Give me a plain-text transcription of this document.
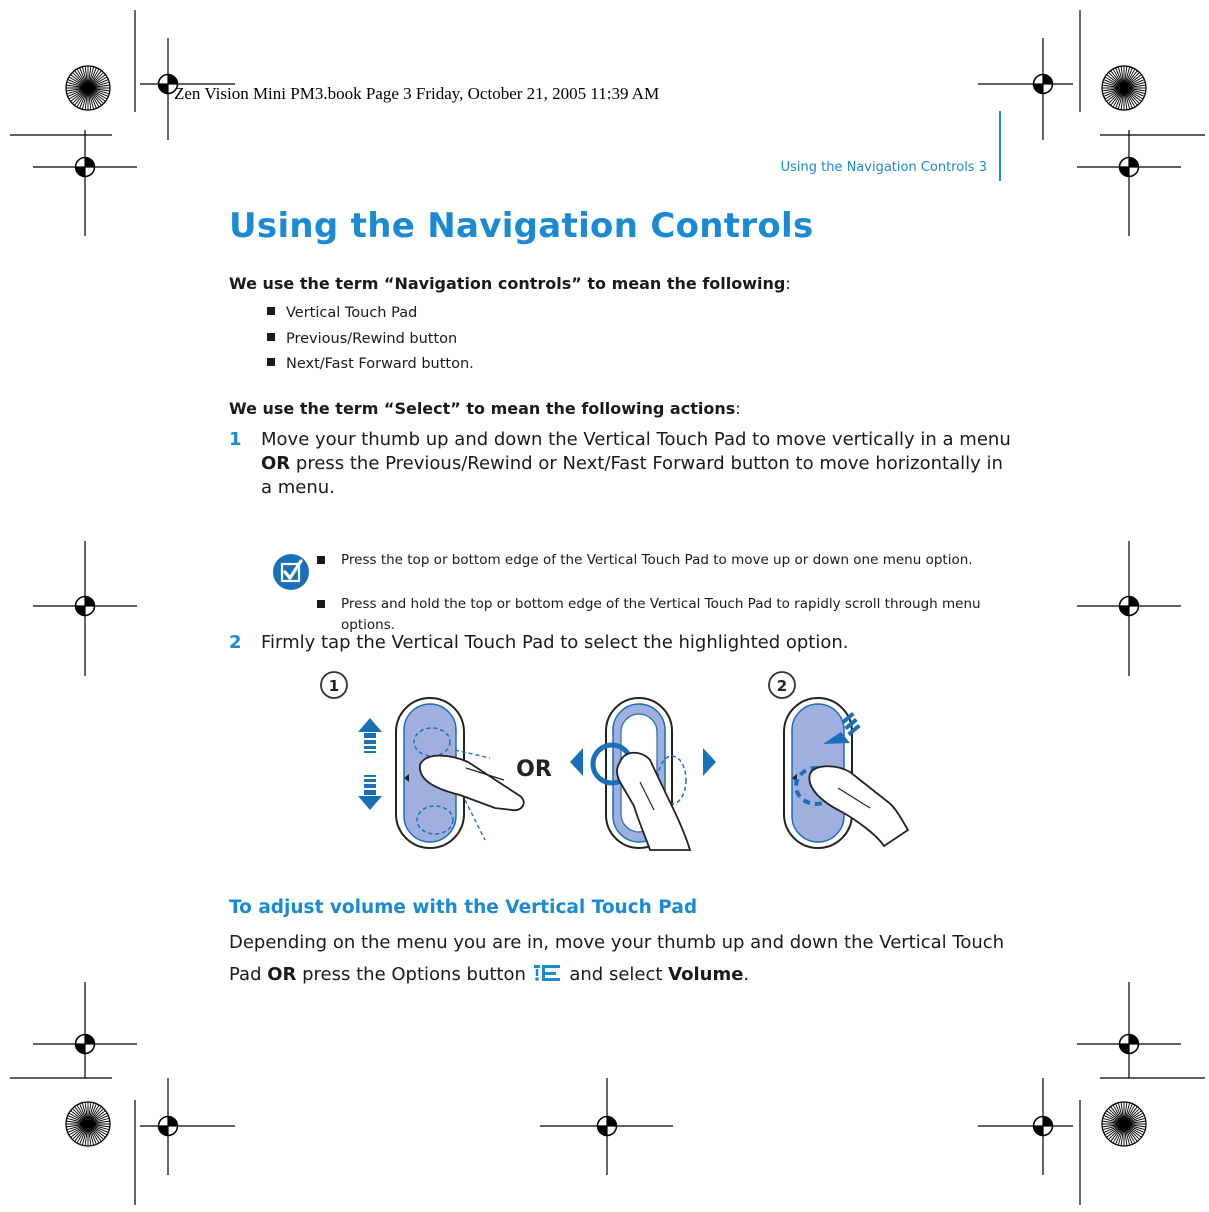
Zen Vision Mini PM3.book Page 3 Friday, October 21, 2005 11:39 AM
Using the Navigation Controls 3
Using the Navigation Controls
We use the term “Navigation controls” to mean the following:
Vertical Touch Pad
Previous/Rewind button
Next/Fast Forward button.
We use the term “Select” to mean the following actions:
1 Move your thumb up and down the Vertical Touch Pad to move vertically in a menu OR press the Previous/Rewind or Next/Fast Forward button to move horizontally in a menu.
Press the top or bottom edge of the Vertical Touch Pad to move up or down one menu option.
Press and hold the top or bottom edge of the Vertical Touch Pad to rapidly scroll through menu options.
2 Firmly tap the Vertical Touch Pad to select the highlighted option.
1
OR
2
To adjust volume with the Vertical Touch Pad
Depending on the menu you are in, move your thumb up and down the Vertical Touch Pad OR press the Options button  and select Volume.
